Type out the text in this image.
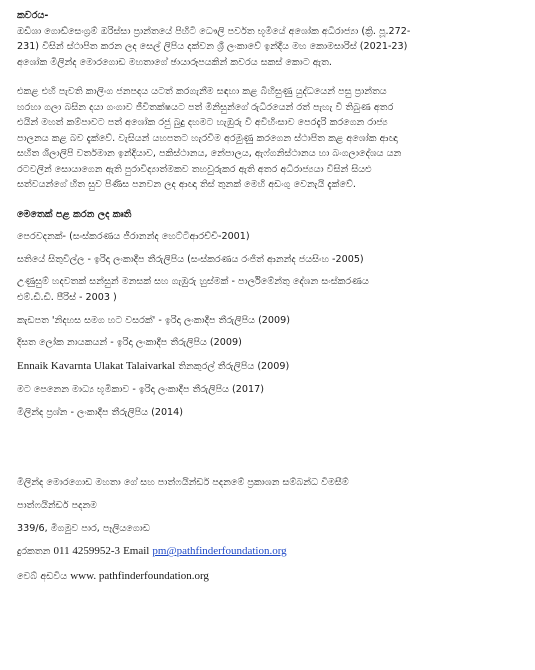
කවරය-
ඔඩිශා ගොඩ්සෙංග්‍රම් ඔරිස්සා ප්‍රාන්තයේ පිහිටි ධෞලි පර්වත භූමියේ අශෝක අධිරාජ්‍යා (ක්‍රි. පූ.272-
231) විසින් ස්ථාපිත කරන ලද සෙල් ලිපිය දක්වන ශ්‍රී ලංකාවේ ඉන්දීය මහ කොමසාරිස් (2021-23)
අශෝක මිලින්ද මොරගොඩ මහතාගේ ඡායාරූපයකින් කවරය සකස් කොට ඇත.
එකළ එහි පැවති කාලිංග ජනපදය යටත් කරගැනීම සඳහා කළ බිහිසුණු යුද්ධයෙන් පසු ප්‍රාන්තය
හරහා ගලා බසින දයා ගංගාව ජීවිතක්ෂයට පත් මිනිසුන්ගේ රුධිරයෙන් රත් පැහැ වී තිබුණ අතර
එයින් මහත් කම්පාවට පත් අශෝක රජු බුදු දහමට හැඹුරු වී අවිහිංසාව පෙරදැරි කරගෙන රාජ්‍ය
පාලනය කළ බව දැක්වේ. වැසියන් යහපතට හැරවීම අරමුණු කරගෙන ස්ථාපිත කළ අශෝක ආඥා
සහිත ශිලාලිපි වර්තමාන ඉන්දියාව, පකිස්ථානය, නේපාලය, ඇෆ්ගනිස්ථානය හා බංගලාදේශය යන
රටවලින් සොයාගෙන ඇති පුරාවිද්‍යාත්මකව තහවුරුකර ඇති අතර අධිරාජ්‍යයා විසින් සියළු
සත්වයන්ගේ හිත සුව පිණිස පනවන ලද ආඥා තිස් තුනක් මෙහි අඩංගු වෙනැයි දැක්වේ.
මෙතෙක් පළ කරන ලද කෘති
පෙරවදනක්- (සංස්කරණය ජීරානන්ද හෙට්ටිආරච්චි-2001)
සතියේ සිතුවිල්ල - ඉරිදා ලංකාදීප තීරුලිපිය (සංස්කරණය රංජිත් ආනන්ද ජයසිංහ -2005)
උණුසුම් හදවතක් සන්සුන් මනසක් සහ ගැඹුරු හුස්මක් - පාර්ලිමේන්තු දේශන සංස්කරණය
එම්.ඩී.ඩී. පීරිස් - 2003 )
කැඩපත 'නිදහස සමග හට වසරක්' - ඉරිදා ලංකාදීප තීරුලිපිය (2009)
දිසත ලෝක නායකයන් - ඉරිදා ලංකාදීප තීරුලිපිය (2009)
Ennaik Kavarnta Ulakat Talaivarkal තිනකුරල් තීරුලිපිය (2009)
මට පෙනෙන මාධ්‍ය භූමිකාව - ඉරිදා ලංකාදීප තීරුලිපිය (2017)
මිලින්ද ප්‍රශ්න - ලංකාදීප තීරුලිපිය (2014)
මිලින්ද මොරගොඩ මහතා ගේ සහ පාත්ෆයින්ඩර් පදනමේ ප්‍රකාශන සම්බන්ධ විමසීම්
පාත්ෆයින්ඩර් පදනම
339/6, මීගමුව පාර, පෑලියගොඩ
දුරකතන 011 4259952-3 Email pm@pathfinderfoundation.org
වෙබ් අඩවිය www. pathfinderfoundation.org
